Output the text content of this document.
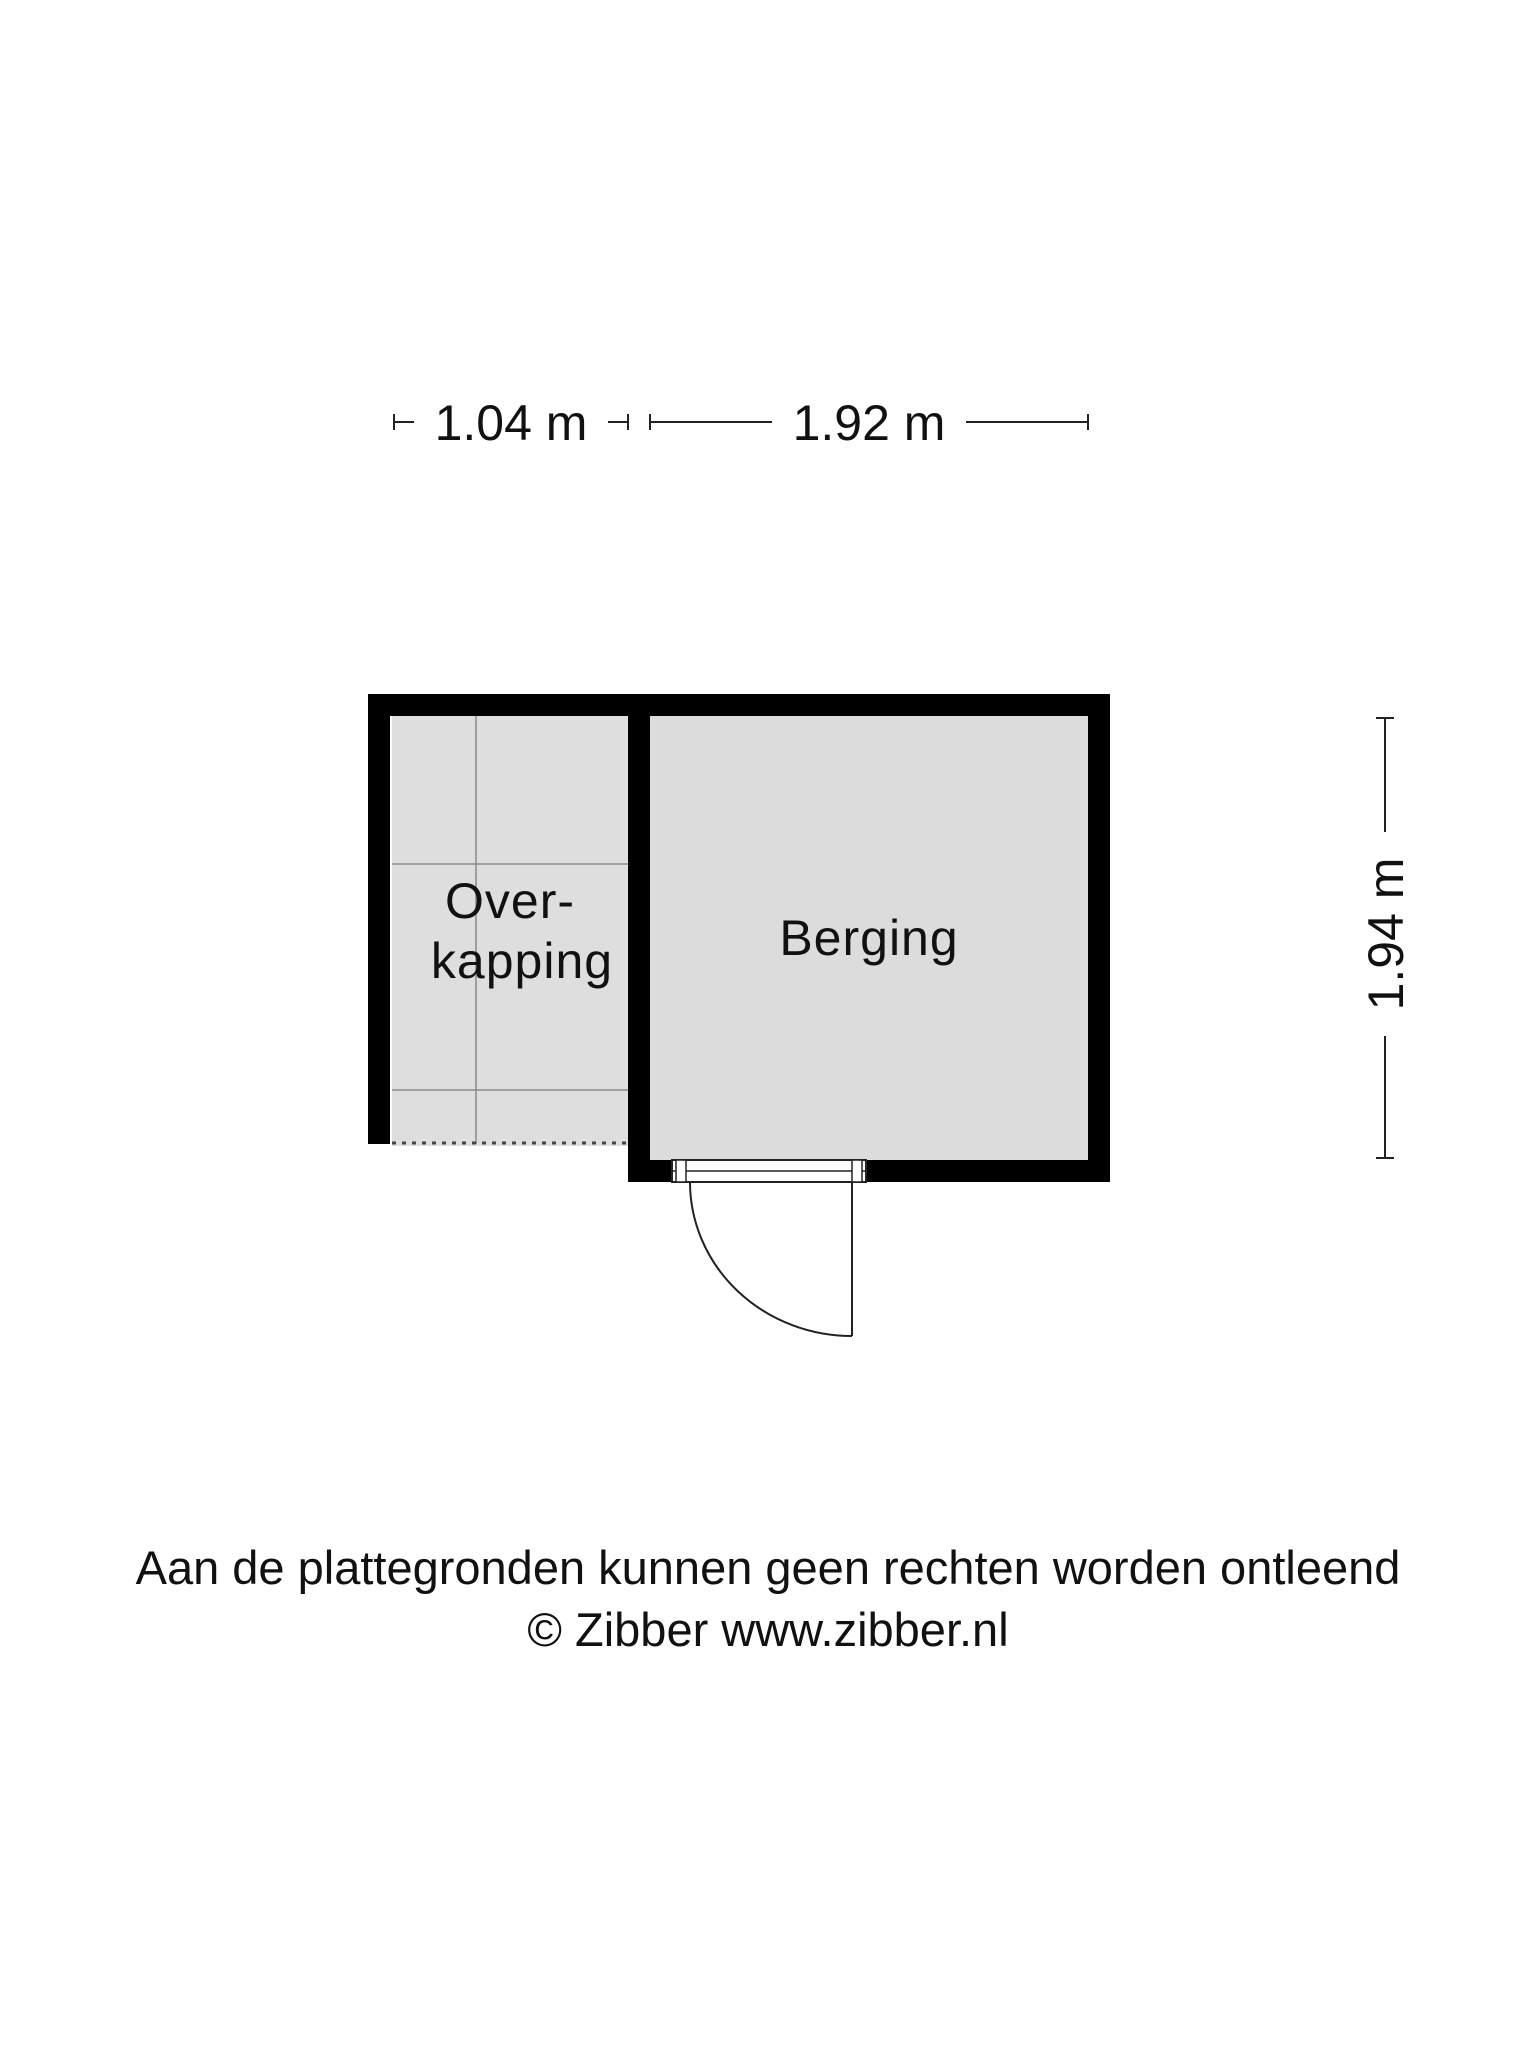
1.04 m	1.92 m
1.94 m
Over-
kapping	Berging
Aan de plattegronden kunnen geen rechten worden ontleend
© Zibber www.zibber.nl
